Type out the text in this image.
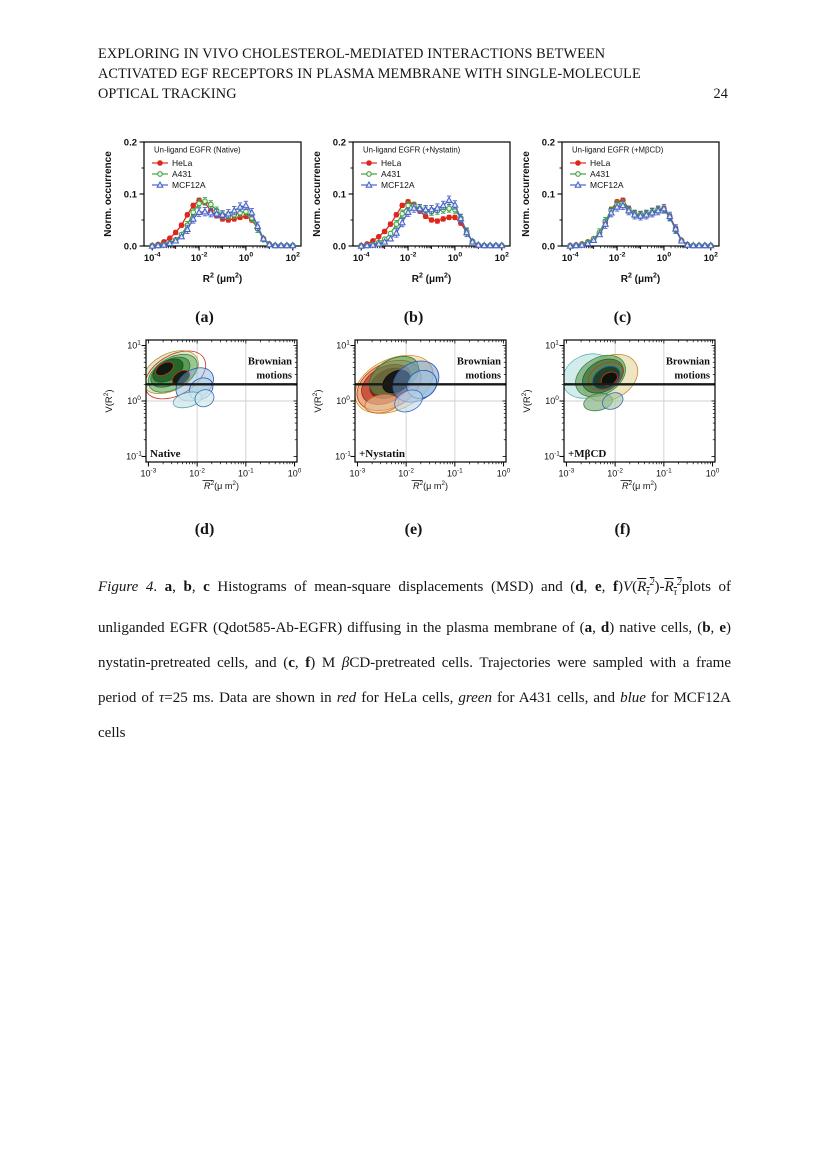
EXPLORING IN VIVO CHOLESTEROL-MEDIATED INTERACTIONS BETWEEN
ACTIVATED EGF RECEPTORS IN PLASMA MEMBRANE WITH SINGLE-MOLECULE
OPTICAL TRACKING	24
0.0
0.1
0.2
$10^{-4}$	$10^{-2}$	$10^0$	$10^2$
$R^2$ $(\mu m^2)$
Norm. occurrence
Un-ligand EGFR (Native)
HeLa
A431
MCF12A
0.0
0.1
0.2
$10^{-4}$	$10^{-2}$	$10^0$	$10^2$
$R^2$ $(\mu m^2)$
Norm. occurrence
Un-ligand EGFR (+Nystatin)
HeLa
A431
MCF12A
0.0
0.1
0.2
$10^{-4}$	$10^{-2}$	$10^0$	$10^2$
$R^2$ $(\mu m^2)$
Norm. occurrence
Un-ligand EGFR (+MβCD)
HeLa
A431
MCF12A
(a)	(b)	(c)
$10^{-1}$
$10^0$
$10^1$
$10^{-3}$	$10^{-2}$	$10^{-1}$	$10^0$
$R^2(\mu$ $m^2$)
$V(R^2)$
Brownian
motions
Native	$10^{-1}$
$10^0$
$10^1$
$10^{-3}$	$10^{-2}$	$10^{-1}$	$10^0$
$R^2(\mu$ $m^2$)
$V(R^2)$
Brownian
motions
+Nystatin	$10^{-1}$
$10^0$
$10^1$
$10^{-3}$	$10^{-2}$	$10^{-1}$	$10^0$
$R^2(\mu$ $m^2$)
$V(R^2)$
Brownian
motions
+MβCD
(d)	(e)	(f)

Figure 4. a, b, c Histograms of mean-square displacements (MSD) and (d, e, $f)V(R_\tau^2)-R_\tau^2plots$ of unliganded EGFR (Qdot585-Ab-EGFR) diffusing in the plasma membrane of (a, d) native cells, (b, e) nystatin-pretreated cells, and (c, f) M βCD-pretreated cells. Trajectories were sampled with a frame period of τ=25 ms. Data are shown in red for HeLa cells, green for A431 cells, and blue for MCF12A cells
